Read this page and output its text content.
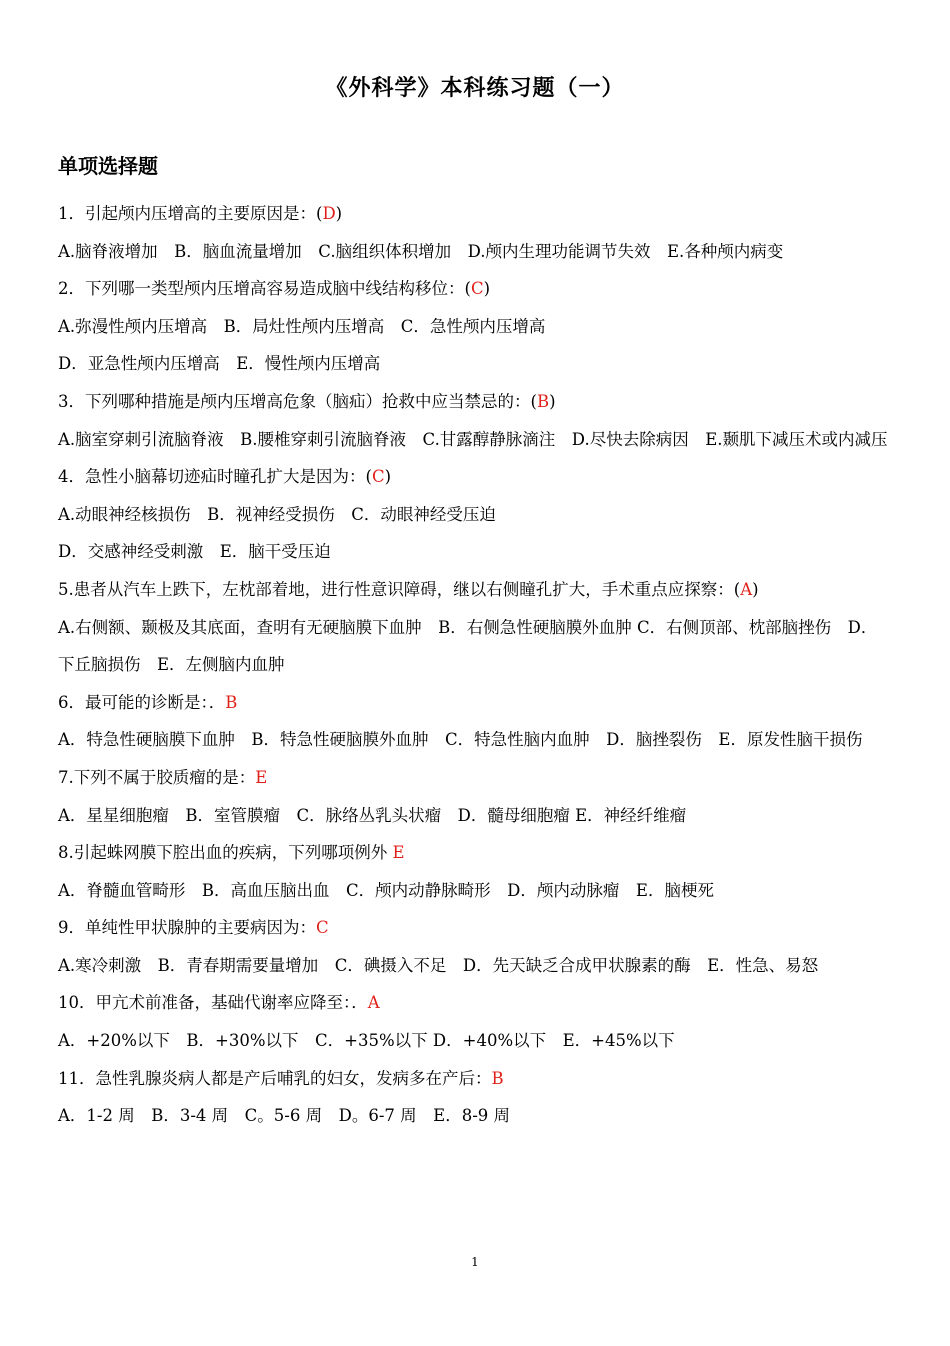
《外科学》本科练习题（一）
单项选择题
1．引起颅内压增高的主要原因是：(D)
A.脑脊液增加　B．脑血流量增加　C.脑组织体积增加　D.颅内生理功能调节失效　E.各种颅内病变
2．下列哪一类型颅内压增高容易造成脑中线结构移位：(C)
A.弥漫性颅内压增高　B．局灶性颅内压增高　C．急性颅内压增高
D．亚急性颅内压增高　E．慢性颅内压增高
3．下列哪种措施是颅内压增高危象（脑疝）抢救中应当禁忌的：(B)
A.脑室穿刺引流脑脊液　B.腰椎穿刺引流脑脊液　C.甘露醇静脉滴注　D.尽快去除病因　E.颞肌下减压术或内减压
4．急性小脑幕切迹疝时瞳孔扩大是因为：(C)
A.动眼神经核损伤　B．视神经受损伤　C．动眼神经受压迫
D．交感神经受刺激　E．脑干受压迫
5.患者从汽车上跌下，左枕部着地，进行性意识障碍，继以右侧瞳孔扩大，手术重点应探察：(A)
A.右侧额、颞极及其底面，查明有无硬脑膜下血肿　B．右侧急性硬脑膜外血肿 C．右侧顶部、枕部脑挫伤　D．下丘脑损伤　E．左侧脑内血肿
6．最可能的诊断是：．B
A．特急性硬脑膜下血肿　B．特急性硬脑膜外血肿　C．特急性脑内血肿　D．脑挫裂伤　E．原发性脑干损伤
7.下列不属于胶质瘤的是：E
A．星星细胞瘤　B．室管膜瘤　C．脉络丛乳头状瘤　D．髓母细胞瘤 E．神经纤维瘤
8.引起蛛网膜下腔出血的疾病，下列哪项例外 E
A．脊髓血管畸形　B．高血压脑出血　C．颅内动静脉畸形　D．颅内动脉瘤　E．脑梗死
9．单纯性甲状腺肿的主要病因为：C
A.寒冷刺激　B．青春期需要量增加　C．碘摄入不足　D．先天缺乏合成甲状腺素的酶　E．性急、易怒
10．甲亢术前准备，基础代谢率应降至：．A
A．+20%以下　B．+30%以下　C．+35%以下 D．+40%以下　E．+45%以下
11．急性乳腺炎病人都是产后哺乳的妇女，发病多在产后：B
A．1-2 周　B．3-4 周　C。5-6 周　D。6-7 周　E．8-9 周
1
